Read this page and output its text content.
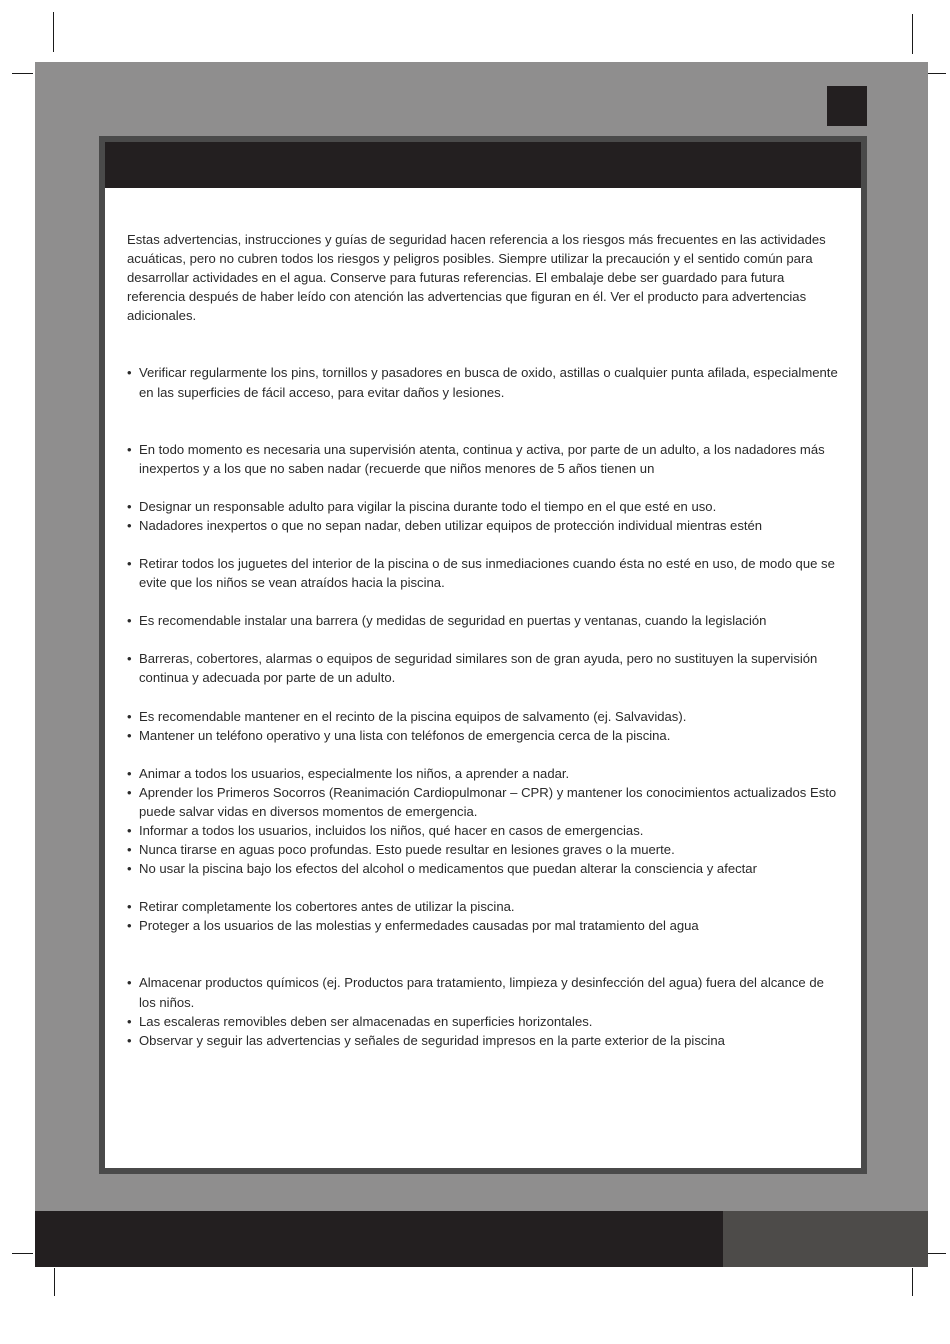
Estas advertencias, instrucciones y guías de seguridad hacen referencia a los riesgos más frecuentes en las actividades acuáticas, pero no cubren todos los riesgos y peligros posibles. Siempre utilizar la precaución y el sentido común para desarrollar actividades en el agua. Conserve para futuras referencias. El embalaje debe ser guardado para futura referencia después de haber leído con atención las advertencias que figuran en él. Ver el producto para advertencias adicionales.

• Verificar regularmente los pins, tornillos y pasadores en busca de oxido, astillas o cualquier punta afilada, especialmente en las superficies de fácil acceso, para evitar daños y lesiones.
• En todo momento es necesaria una supervisión atenta, continua y activa, por parte de un adulto, a los nadadores más inexpertos y a los que no saben nadar (recuerde que niños menores de 5 años tienen un
• Designar un responsable adulto para vigilar la piscina durante todo el tiempo en el que esté en uso.
• Nadadores inexpertos o que no sepan nadar, deben utilizar equipos de protección individual mientras estén
• Retirar todos los juguetes del interior de la piscina o de sus inmediaciones cuando ésta no esté en uso, de modo que se evite que los niños se vean atraídos hacia la piscina.
• Es recomendable instalar una barrera (y medidas de seguridad en puertas y ventanas, cuando la legislación
• Barreras, cobertores, alarmas o equipos de seguridad similares son de gran ayuda, pero no sustituyen la supervisión continua y adecuada por parte de un adulto.
• Es recomendable mantener en el recinto de la piscina equipos de salvamento (ej. Salvavidas).
• Mantener un teléfono operativo y una lista con teléfonos de emergencia cerca de la piscina.
• Animar a todos los usuarios, especialmente los niños, a aprender a nadar.
• Aprender los Primeros Socorros (Reanimación Cardiopulmonar – CPR) y mantener los conocimientos actualizados Esto puede salvar vidas en diversos momentos de emergencia.
• Informar a todos los usuarios, incluidos los niños, qué hacer en casos de emergencias.
• Nunca tirarse en aguas poco profundas. Esto puede resultar en lesiones graves o la muerte.
• No usar la piscina bajo los efectos del alcohol o medicamentos que puedan alterar la consciencia y afectar
• Retirar completamente los cobertores antes de utilizar la piscina.
• Proteger a los usuarios de las molestias y enfermedades causadas por mal tratamiento del agua
• Almacenar productos químicos (ej. Productos para tratamiento, limpieza y desinfección del agua) fuera del alcance de los niños.
• Las escaleras removibles deben ser almacenadas en superficies horizontales.
• Observar y seguir las advertencias y señales de seguridad impresos en la parte exterior de la piscina
